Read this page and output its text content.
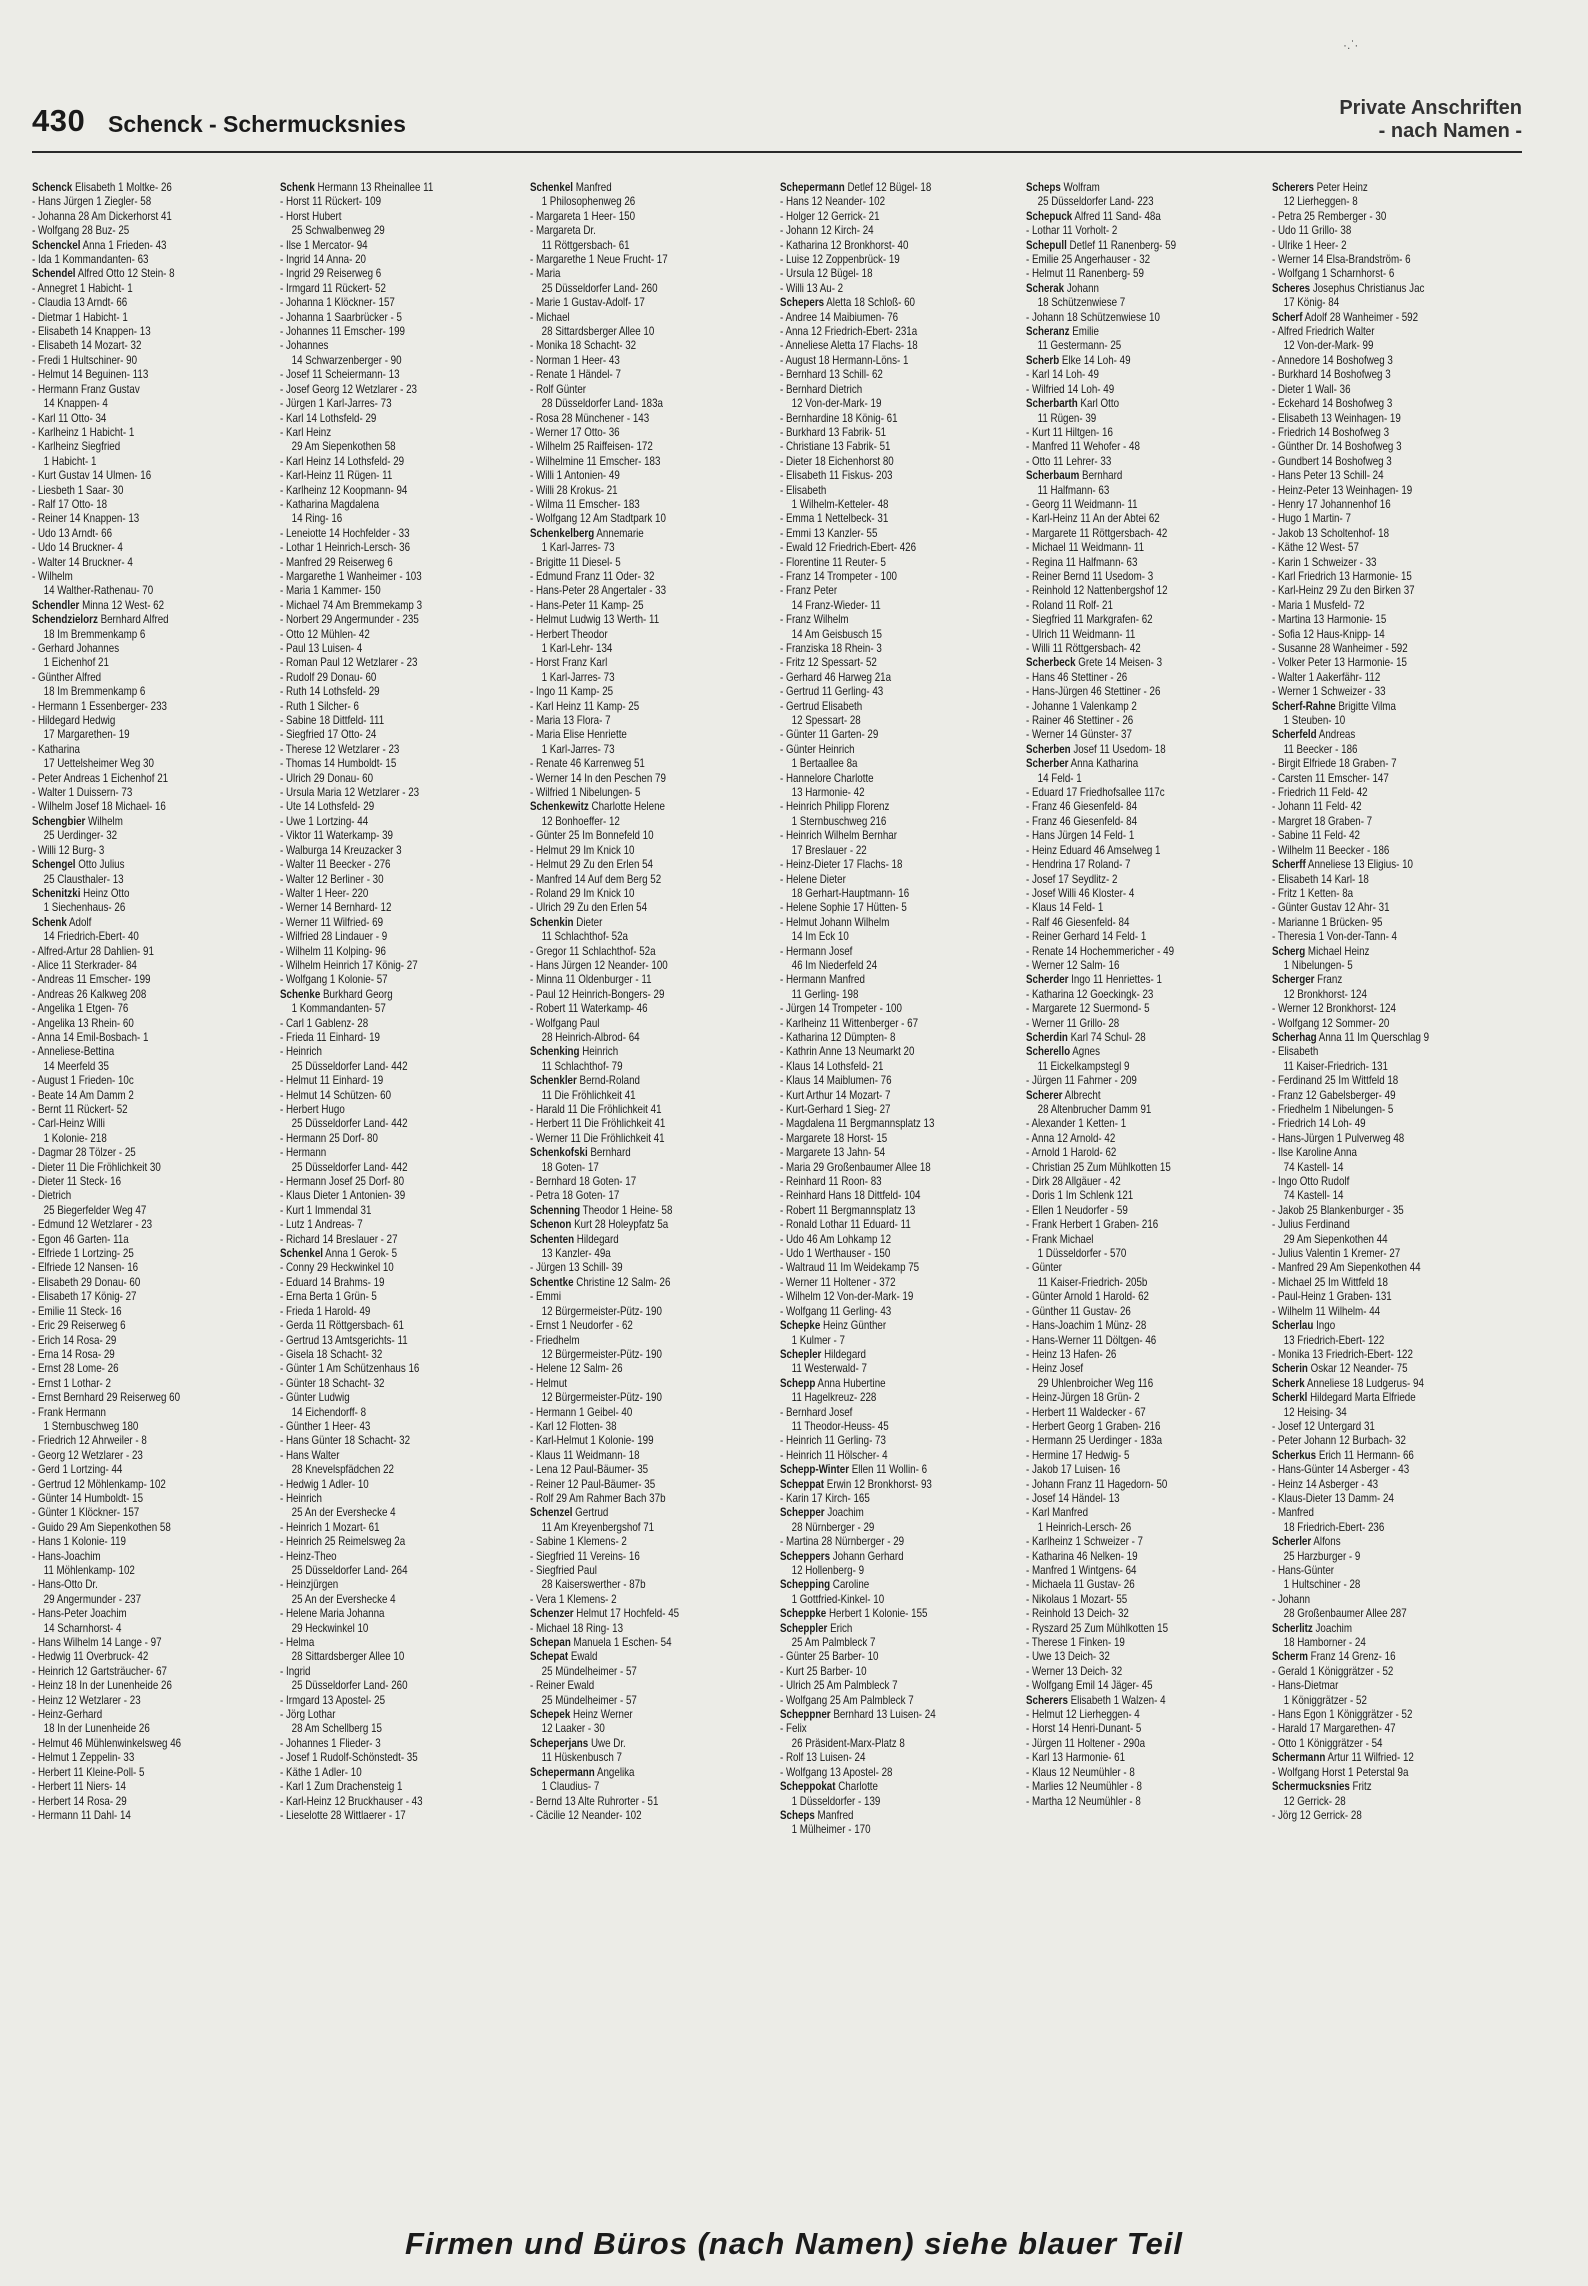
·.ˈ·
430 Schenck - Schermucksnies
Private Anschriften
- nach Namen -
Schenck Elisabeth 1 Moltke- 26
- Hans Jürgen 1 Ziegler- 58
- Johanna 28 Am Dickerhorst 41
- Wolfgang 28 Buz- 25
Schenckel Anna 1 Frieden- 43
- Ida 1 Kommandanten- 63
Schendel Alfred Otto 12 Stein- 8
- Annegret 1 Habicht- 1
- Claudia 13 Arndt- 66
- Dietmar 1 Habicht- 1
- Elisabeth 14 Knappen- 13
- Elisabeth 14 Mozart- 32
- Fredi 1 Hultschiner- 90
- Helmut 14 Beguinen- 113
- Hermann Franz Gustav
14 Knappen- 4
- Karl 11 Otto- 34
- Karlheinz 1 Habicht- 1
- Karlheinz Siegfried
1 Habicht- 1
- Kurt Gustav 14 Ulmen- 16
- Liesbeth 1 Saar- 30
- Ralf 17 Otto- 18
- Reiner 14 Knappen- 13
- Udo 13 Arndt- 66
- Udo 14 Bruckner- 4
- Walter 14 Bruckner- 4
- Wilhelm
14 Walther-Rathenau- 70
Schendler Minna 12 West- 62
Schendzielorz Bernhard Alfred
18 Im Bremmenkamp 6
- Gerhard Johannes
1 Eichenhof 21
- Günther Alfred
18 Im Bremmenkamp 6
- Hermann 1 Essenberger- 233
- Hildegard Hedwig
17 Margarethen- 19
- Katharina
17 Uettelsheimer Weg 30
- Peter Andreas 1 Eichenhof 21
- Walter 1 Duissern- 73
- Wilhelm Josef 18 Michael- 16
Schengbier Wilhelm
25 Uerdinger- 32
- Willi 12 Burg- 3
Schengel Otto Julius
25 Clausthaler- 13
Schenitzki Heinz Otto
1 Siechenhaus- 26
Schenk Adolf
14 Friedrich-Ebert- 40
- Alfred-Artur 28 Dahlien- 91
- Alice 11 Sterkrader- 84
- Andreas 11 Emscher- 199
- Andreas 26 Kalkweg 208
- Angelika 1 Etgen- 76
- Angelika 13 Rhein- 60
- Anna 14 Emil-Bosbach- 1
- Anneliese-Bettina
14 Meerfeld 35
- August 1 Frieden- 10c
- Beate 14 Am Damm 2
- Bernt 11 Rückert- 52
- Carl-Heinz Willi
1 Kolonie- 218
- Dagmar 28 Tölzer - 25
- Dieter 11 Die Fröhlichkeit 30
- Dieter 11 Steck- 16
- Dietrich
25 Biegerfelder Weg 47
- Edmund 12 Wetzlarer - 23
- Egon 46 Garten- 11a
- Elfriede 1 Lortzing- 25
- Elfriede 12 Nansen- 16
- Elisabeth 29 Donau- 60
- Elisabeth 17 König- 27
- Emilie 11 Steck- 16
- Eric 29 Reiserweg 6
- Erich 14 Rosa- 29
- Erna 14 Rosa- 29
- Ernst 28 Lome- 26
- Ernst 1 Lothar- 2
- Ernst Bernhard 29 Reiserweg 60
- Frank Hermann
1 Sternbuschweg 180
- Friedrich 12 Ahrweiler - 8
- Georg 12 Wetzlarer - 23
- Gerd 1 Lortzing- 44
- Gertrud 12 Möhlenkamp- 102
- Günter 14 Humboldt- 15
- Günter 1 Klöckner- 157
- Guido 29 Am Siepenkothen 58
- Hans 1 Kolonie- 119
- Hans-Joachim
11 Möhlenkamp- 102
- Hans-Otto Dr.
29 Angermunder - 237
- Hans-Peter Joachim
14 Scharnhorst- 4
- Hans Wilhelm 14 Lange - 97
- Hedwig 11 Overbruck- 42
- Heinrich 12 Gartsträucher- 67
- Heinz 18 In der Lunenheide 26
- Heinz 12 Wetzlarer - 23
- Heinz-Gerhard
18 In der Lunenheide 26
- Helmut 46 Mühlenwinkelsweg 46
- Helmut 1 Zeppelin- 33
- Herbert 11 Kleine-Poll- 5
- Herbert 11 Niers- 14
- Herbert 14 Rosa- 29
- Hermann 11 Dahl- 14
Schenk Hermann 13 Rheinallee 11
- Horst 11 Rückert- 109
- Horst Hubert
25 Schwalbenweg 29
- Ilse 1 Mercator- 94
- Ingrid 14 Anna- 20
- Ingrid 29 Reiserweg 6
- Irmgard 11 Rückert- 52
- Johanna 1 Klöckner- 157
- Johanna 1 Saarbrücker - 5
- Johannes 11 Emscher- 199
- Johannes
14 Schwarzenberger - 90
- Josef 11 Scheiermann- 13
- Josef Georg 12 Wetzlarer - 23
- Jürgen 1 Karl-Jarres- 73
- Karl 14 Lothsfeld- 29
- Karl Heinz
29 Am Siepenkothen 58
- Karl Heinz 14 Lothsfeld- 29
- Karl-Heinz 11 Rügen- 11
- Karlheinz 12 Koopmann- 94
- Katharina Magdalena
14 Ring- 16
- Leneiotte 14 Hochfelder - 33
- Lothar 1 Heinrich-Lersch- 36
- Manfred 29 Reiserweg 6
- Margarethe 1 Wanheimer - 103
- Maria 1 Kammer- 150
- Michael 74 Am Bremmekamp 3
- Norbert 29 Angermunder - 235
- Otto 12 Mühlen- 42
- Paul 13 Luisen- 4
- Roman Paul 12 Wetzlarer - 23
- Rudolf 29 Donau- 60
- Ruth 14 Lothsfeld- 29
- Ruth 1 Silcher- 6
- Sabine 18 Dittfeld- 111
- Siegfried 17 Otto- 24
- Therese 12 Wetzlarer - 23
- Thomas 14 Humboldt- 15
- Ulrich 29 Donau- 60
- Ursula Maria 12 Wetzlarer - 23
- Ute 14 Lothsfeld- 29
- Uwe 1 Lortzing- 44
- Viktor 11 Waterkamp- 39
- Walburga 14 Kreuzacker 3
- Walter 11 Beecker - 276
- Walter 12 Berliner - 30
- Walter 1 Heer- 220
- Werner 14 Bernhard- 12
- Werner 11 Wilfried- 69
- Wilfried 28 Lindauer - 9
- Wilhelm 11 Kolping- 96
- Wilhelm Heinrich 17 König- 27
- Wolfgang 1 Kolonie- 57
Schenke Burkhard Georg
1 Kommandanten- 57
- Carl 1 Gablenz- 28
- Frieda 11 Einhard- 19
- Heinrich
25 Düsseldorfer Land- 442
- Helmut 11 Einhard- 19
- Helmut 14 Schützen- 60
- Herbert Hugo
25 Düsseldorfer Land- 442
- Hermann 25 Dorf- 80
- Hermann
25 Düsseldorfer Land- 442
- Hermann Josef 25 Dorf- 80
- Klaus Dieter 1 Antonien- 39
- Kurt 1 Immendal 31
- Lutz 1 Andreas- 7
- Richard 14 Breslauer - 27
Schenkel Anna 1 Gerok- 5
- Conny 29 Heckwinkel 10
- Eduard 14 Brahms- 19
- Erna Berta 1 Grün- 5
- Frieda 1 Harold- 49
- Gerda 11 Röttgersbach- 61
- Gertrud 13 Amtsgerichts- 11
- Gisela 18 Schacht- 32
- Günter 1 Am Schützenhaus 16
- Günter 18 Schacht- 32
- Günter Ludwig
14 Eichendorff- 8
- Günther 1 Heer- 43
- Hans Günter 18 Schacht- 32
- Hans Walter
28 Knevelspfädchen 22
- Hedwig 1 Adler- 10
- Heinrich
25 An der Evershecke 4
- Heinrich 1 Mozart- 61
- Heinrich 25 Reimelsweg 2a
- Heinz-Theo
25 Düsseldorfer Land- 264
- Heinzjürgen
25 An der Evershecke 4
- Helene Maria Johanna
29 Heckwinkel 10
- Helma
28 Sittardsberger Allee 10
- Ingrid
25 Düsseldorfer Land- 260
- Irmgard 13 Apostel- 25
- Jörg Lothar
28 Am Schellberg 15
- Johannes 1 Flieder- 3
- Josef 1 Rudolf-Schönstedt- 35
- Käthe 1 Adler- 10
- Karl 1 Zum Drachensteig 1
- Karl-Heinz 12 Bruckhauser - 43
- Lieselotte 28 Wittlaerer - 17
Schenkel Manfred
1 Philosophenweg 26
- Margareta 1 Heer- 150
- Margareta Dr.
11 Röttgersbach- 61
- Margarethe 1 Neue Frucht- 17
- Maria
25 Düsseldorfer Land- 260
- Marie 1 Gustav-Adolf- 17
- Michael
28 Sittardsberger Allee 10
- Monika 18 Schacht- 32
- Norman 1 Heer- 43
- Renate 1 Händel- 7
- Rolf Günter
28 Düsseldorfer Land- 183a
- Rosa 28 Münchener - 143
- Werner 17 Otto- 36
- Wilhelm 25 Raiffeisen- 172
- Wilhelmine 11 Emscher- 183
- Willi 1 Antonien- 49
- Willi 28 Krokus- 21
- Wilma 11 Emscher- 183
- Wolfgang 12 Am Stadtpark 10
Schenkelberg Annemarie
1 Karl-Jarres- 73
- Brigitte 11 Diesel- 5
- Edmund Franz 11 Oder- 32
- Hans-Peter 28 Angertaler - 33
- Hans-Peter 11 Kamp- 25
- Helmut Ludwig 13 Werth- 11
- Herbert Theodor
1 Karl-Lehr- 134
- Horst Franz Karl
1 Karl-Jarres- 73
- Ingo 11 Kamp- 25
- Karl Heinz 11 Kamp- 25
- Maria 13 Flora- 7
- Maria Elise Henriette
1 Karl-Jarres- 73
- Renate 46 Karrenweg 51
- Werner 14 In den Peschen 79
- Wilfried 1 Nibelungen- 5
Schenkewitz Charlotte Helene
12 Bonhoeffer- 12
- Günter 25 Im Bonnefeld 10
- Helmut 29 Im Knick 10
- Helmut 29 Zu den Erlen 54
- Manfred 14 Auf dem Berg 52
- Roland 29 Im Knick 10
- Ulrich 29 Zu den Erlen 54
Schenkin Dieter
11 Schlachthof- 52a
- Gregor 11 Schlachthof- 52a
- Hans Jürgen 12 Neander- 100
- Minna 11 Oldenburger - 11
- Paul 12 Heinrich-Bongers- 29
- Robert 11 Waterkamp- 46
- Wolfgang Paul
28 Heinrich-Albrod- 64
Schenking Heinrich
11 Schlachthof- 79
Schenkler Bernd-Roland
11 Die Fröhlichkeit 41
- Harald 11 Die Fröhlichkeit 41
- Herbert 11 Die Fröhlichkeit 41
- Werner 11 Die Fröhlichkeit 41
Schenkofski Bernhard
18 Goten- 17
- Bernhard 18 Goten- 17
- Petra 18 Goten- 17
Schenning Theodor 1 Heine- 58
Schenon Kurt 28 Holeypfatz 5a
Schenten Hildegard
13 Kanzler- 49a
- Jürgen 13 Schill- 39
Schentke Christine 12 Salm- 26
- Emmi
12 Bürgermeister-Pütz- 190
- Ernst 1 Neudorfer - 62
- Friedhelm
12 Bürgermeister-Pütz- 190
- Helene 12 Salm- 26
- Helmut
12 Bürgermeister-Pütz- 190
- Hermann 1 Geibel- 40
- Karl 12 Flotten- 38
- Karl-Helmut 1 Kolonie- 199
- Klaus 11 Weidmann- 18
- Lena 12 Paul-Bäumer- 35
- Reiner 12 Paul-Bäumer- 35
- Rolf 29 Am Rahmer Bach 37b
Schenzel Gertrud
11 Am Kreyenbergshof 71
- Sabine 1 Klemens- 2
- Siegfried 11 Vereins- 16
- Siegfried Paul
28 Kaiserswerther - 87b
- Vera 1 Klemens- 2
Schenzer Helmut 17 Hochfeld- 45
- Michael 18 Ring- 13
Schepan Manuela 1 Eschen- 54
Schepat Ewald
25 Mündelheimer - 57
- Reiner Ewald
25 Mündelheimer - 57
Schepek Heinz Werner
12 Laaker - 30
Scheperjans Uwe Dr.
11 Hüskenbusch 7
Schepermann Angelika
1 Claudius- 7
- Bernd 13 Alte Ruhrorter - 51
- Cäcilie 12 Neander- 102
Schepermann Detlef 12 Bügel- 18
- Hans 12 Neander- 102
- Holger 12 Gerrick- 21
- Johann 12 Kirch- 24
- Katharina 12 Bronkhorst- 40
- Luise 12 Zoppenbrück- 19
- Ursula 12 Bügel- 18
- Willi 13 Au- 2
Schepers Aletta 18 Schloß- 60
- Andree 14 Maibiumen- 76
- Anna 12 Friedrich-Ebert- 231a
- Anneliese Aletta 17 Flachs- 18
- August 18 Hermann-Löns- 1
- Bernhard 13 Schill- 62
- Bernhard Dietrich
12 Von-der-Mark- 19
- Bernhardine 18 König- 61
- Burkhard 13 Fabrik- 51
- Christiane 13 Fabrik- 51
- Dieter 18 Eichenhorst 80
- Elisabeth 11 Fiskus- 203
- Elisabeth
1 Wilhelm-Ketteler- 48
- Emma 1 Nettelbeck- 31
- Emmi 13 Kanzler- 55
- Ewald 12 Friedrich-Ebert- 426
- Florentine 11 Reuter- 5
- Franz 14 Trompeter - 100
- Franz Peter
14 Franz-Wieder- 11
- Franz Wilhelm
14 Am Geisbusch 15
- Franziska 18 Rhein- 3
- Fritz 12 Spessart- 52
- Gerhard 46 Harweg 21a
- Gertrud 11 Gerling- 43
- Gertrud Elisabeth
12 Spessart- 28
- Günter 11 Garten- 29
- Günter Heinrich
1 Bertaallee 8a
- Hannelore Charlotte
13 Harmonie- 42
- Heinrich Philipp Florenz
1 Sternbuschweg 216
- Heinrich Wilhelm Bernhar
17 Breslauer - 22
- Heinz-Dieter 17 Flachs- 18
- Helene Dieter
18 Gerhart-Hauptmann- 16
- Helene Sophie 17 Hütten- 5
- Helmut Johann Wilhelm
14 Im Eck 10
- Hermann Josef
46 Im Niederfeld 24
- Hermann Manfred
11 Gerling- 198
- Jürgen 14 Trompeter - 100
- Karlheinz 11 Wittenberger - 67
- Katharina 12 Dümpten- 8
- Kathrin Anne 13 Neumarkt 20
- Klaus 14 Lothsfeld- 21
- Klaus 14 Maiblumen- 76
- Kurt Arthur 14 Mozart- 7
- Kurt-Gerhard 1 Sieg- 27
- Magdalena 11 Bergmannsplatz 13
- Margarete 18 Horst- 15
- Margarete 13 Jahn- 54
- Maria 29 Großenbaumer Allee 18
- Reinhard 11 Roon- 83
- Reinhard Hans 18 Dittfeld- 104
- Robert 11 Bergmannsplatz 13
- Ronald Lothar 11 Eduard- 11
- Udo 46 Am Lohkamp 12
- Udo 1 Werthauser - 150
- Waltraud 11 Im Weidekamp 75
- Werner 11 Holtener - 372
- Wilhelm 12 Von-der-Mark- 19
- Wolfgang 11 Gerling- 43
Schepke Heinz Günther
1 Kulmer - 7
Schepler Hildegard
11 Westerwald- 7
Schepp Anna Hubertine
11 Hagelkreuz- 228
- Bernhard Josef
11 Theodor-Heuss- 45
- Heinrich 11 Gerling- 73
- Heinrich 11 Hölscher- 4
Schepp-Winter Ellen 11 Wollin- 6
Scheppat Erwin 12 Bronkhorst- 93
- Karin 17 Kirch- 165
Schepper Joachim
28 Nürnberger - 29
- Martina 28 Nürnberger - 29
Scheppers Johann Gerhard
12 Hollenberg- 9
Schepping Caroline
1 Gottfried-Kinkel- 10
Scheppke Herbert 1 Kolonie- 155
Scheppler Erich
25 Am Palmbleck 7
- Günter 25 Barber- 10
- Kurt 25 Barber- 10
- Ulrich 25 Am Palmbleck 7
- Wolfgang 25 Am Palmbleck 7
Scheppner Bernhard 13 Luisen- 24
- Felix
26 Präsident-Marx-Platz 8
- Rolf 13 Luisen- 24
- Wolfgang 13 Apostel- 28
Scheppokat Charlotte
1 Düsseldorfer - 139
Scheps Manfred
1 Mülheimer - 170
Scheps Wolfram
25 Düsseldorfer Land- 223
Schepuck Alfred 11 Sand- 48a
- Lothar 11 Vorholt- 2
Schepull Detlef 11 Ranenberg- 59
- Emilie 25 Angerhauser - 32
- Helmut 11 Ranenberg- 59
Scherak Johann
18 Schützenwiese 7
- Johann 18 Schützenwiese 10
Scheranz Emilie
11 Gestermann- 25
Scherb Elke 14 Loh- 49
- Karl 14 Loh- 49
- Wilfried 14 Loh- 49
Scherbarth Karl Otto
11 Rügen- 39
- Kurt 11 Hiltgen- 16
- Manfred 11 Wehofer - 48
- Otto 11 Lehrer- 33
Scherbaum Bernhard
11 Halfmann- 63
- Georg 11 Weidmann- 11
- Karl-Heinz 11 An der Abtei 62
- Margarete 11 Röttgersbach- 42
- Michael 11 Weidmann- 11
- Regina 11 Halfmann- 63
- Reiner Bernd 11 Usedom- 3
- Reinhold 12 Nattenbergshof 12
- Roland 11 Rolf- 21
- Siegfried 11 Markgrafen- 62
- Ulrich 11 Weidmann- 11
- Willi 11 Röttgersbach- 42
Scherbeck Grete 14 Meisen- 3
- Hans 46 Stettiner - 26
- Hans-Jürgen 46 Stettiner - 26
- Johanne 1 Valenkamp 2
- Rainer 46 Stettiner - 26
- Werner 14 Günster- 37
Scherben Josef 11 Usedom- 18
Scherber Anna Katharina
14 Feld- 1
- Eduard 17 Friedhofsallee 117c
- Franz 46 Giesenfeld- 84
- Franz 46 Giesenfeld- 84
- Hans Jürgen 14 Feld- 1
- Heinz Eduard 46 Amselweg 1
- Hendrina 17 Roland- 7
- Josef 17 Seydlitz- 2
- Josef Willi 46 Kloster- 4
- Klaus 14 Feld- 1
- Ralf 46 Giesenfeld- 84
- Reiner Gerhard 14 Feld- 1
- Renate 14 Hochemmericher - 49
- Werner 12 Salm- 16
Scherder Ingo 11 Henriettes- 1
- Katharina 12 Goeckingk- 23
- Margarete 12 Suermond- 5
- Werner 11 Grillo- 28
Scherdin Karl 74 Schul- 28
Scherello Agnes
11 Eickelkampstegl 9
- Jürgen 11 Fahrner - 209
Scherer Albrecht
28 Altenbrucher Damm 91
- Alexander 1 Ketten- 1
- Anna 12 Arnold- 42
- Arnold 1 Harold- 62
- Christian 25 Zum Mühlkotten 15
- Dirk 28 Allgäuer - 42
- Doris 1 Im Schlenk 121
- Ellen 1 Neudorfer - 59
- Frank Herbert 1 Graben- 216
- Frank Michael
1 Düsseldorfer - 570
- Günter
11 Kaiser-Friedrich- 205b
- Günter Arnold 1 Harold- 62
- Günther 11 Gustav- 26
- Hans-Joachim 1 Münz- 28
- Hans-Werner 11 Döltgen- 46
- Heinz 13 Hafen- 26
- Heinz Josef
29 Uhlenbroicher Weg 116
- Heinz-Jürgen 18 Grün- 2
- Herbert 11 Waldecker - 67
- Herbert Georg 1 Graben- 216
- Hermann 25 Uerdinger - 183a
- Hermine 17 Hedwig- 5
- Jakob 17 Luisen- 16
- Johann Franz 11 Hagedorn- 50
- Josef 14 Händel- 13
- Karl Manfred
1 Heinrich-Lersch- 26
- Karlheinz 1 Schweizer - 7
- Katharina 46 Nelken- 19
- Manfred 1 Wintgens- 64
- Michaela 11 Gustav- 26
- Nikolaus 1 Mozart- 55
- Reinhold 13 Deich- 32
- Ryszard 25 Zum Mühlkotten 15
- Therese 1 Finken- 19
- Uwe 13 Deich- 32
- Werner 13 Deich- 32
- Wolfgang Emil 14 Jäger- 45
Scherers Elisabeth 1 Walzen- 4
- Helmut 12 Lierheggen- 4
- Horst 14 Henri-Dunant- 5
- Jürgen 11 Holtener - 290a
- Karl 13 Harmonie- 61
- Klaus 12 Neumühler - 8
- Marlies 12 Neumühler - 8
- Martha 12 Neumühler - 8
Scherers Peter Heinz
12 Lierheggen- 8
- Petra 25 Remberger - 30
- Udo 11 Grillo- 38
- Ulrike 1 Heer- 2
- Werner 14 Elsa-Brandström- 6
- Wolfgang 1 Scharnhorst- 6
Scheres Josephus Christianus Jac
17 König- 84
Scherf Adolf 28 Wanheimer - 592
- Alfred Friedrich Walter
12 Von-der-Mark- 99
- Annedore 14 Boshofweg 3
- Burkhard 14 Boshofweg 3
- Dieter 1 Wall- 36
- Eckehard 14 Boshofweg 3
- Elisabeth 13 Weinhagen- 19
- Friedrich 14 Boshofweg 3
- Günther Dr. 14 Boshofweg 3
- Gundbert 14 Boshofweg 3
- Hans Peter 13 Schill- 24
- Heinz-Peter 13 Weinhagen- 19
- Henry 17 Johannenhof 16
- Hugo 1 Martin- 7
- Jakob 13 Scholtenhof- 18
- Käthe 12 West- 57
- Karin 1 Schweizer - 33
- Karl Friedrich 13 Harmonie- 15
- Karl-Heinz 29 Zu den Birken 37
- Maria 1 Musfeld- 72
- Martina 13 Harmonie- 15
- Sofia 12 Haus-Knipp- 14
- Susanne 28 Wanheimer - 592
- Volker Peter 13 Harmonie- 15
- Walter 1 Aakerfähr- 112
- Werner 1 Schweizer - 33
Scherf-Rahne Brigitte Vilma
1 Steuben- 10
Scherfeld Andreas
11 Beecker - 186
- Birgit Elfriede 18 Graben- 7
- Carsten 11 Emscher- 147
- Friedrich 11 Feld- 42
- Johann 11 Feld- 42
- Margret 18 Graben- 7
- Sabine 11 Feld- 42
- Wilhelm 11 Beecker - 186
Scherff Anneliese 13 Eligius- 10
- Elisabeth 14 Karl- 18
- Fritz 1 Ketten- 8a
- Günter Gustav 12 Ahr- 31
- Marianne 1 Brücken- 95
- Theresia 1 Von-der-Tann- 4
Scherg Michael Heinz
1 Nibelungen- 5
Scherger Franz
12 Bronkhorst- 124
- Werner 12 Bronkhorst- 124
- Wolfgang 12 Sommer- 20
Scherhag Anna 11 Im Querschlag 9
- Elisabeth
11 Kaiser-Friedrich- 131
- Ferdinand 25 Im Wittfeld 18
- Franz 12 Gabelsberger- 49
- Friedhelm 1 Nibelungen- 5
- Friedrich 14 Loh- 49
- Hans-Jürgen 1 Pulverweg 48
- Ilse Karoline Anna
74 Kastell- 14
- Ingo Otto Rudolf
74 Kastell- 14
- Jakob 25 Blankenburger - 35
- Julius Ferdinand
29 Am Siepenkothen 44
- Julius Valentin 1 Kremer- 27
- Manfred 29 Am Siepenkothen 44
- Michael 25 Im Wittfeld 18
- Paul-Heinz 1 Graben- 131
- Wilhelm 11 Wilhelm- 44
Scherlau Ingo
13 Friedrich-Ebert- 122
- Monika 13 Friedrich-Ebert- 122
Scherin Oskar 12 Neander- 75
Scherk Anneliese 18 Ludgerus- 94
Scherkl Hildegard Marta Elfriede
12 Heising- 34
- Josef 12 Untergard 31
- Peter Johann 12 Burbach- 32
Scherkus Erich 11 Hermann- 66
- Hans-Günter 14 Asberger - 43
- Heinz 14 Asberger - 43
- Klaus-Dieter 13 Damm- 24
- Manfred
18 Friedrich-Ebert- 236
Scherler Alfons
25 Harzburger - 9
- Hans-Günter
1 Hultschiner - 28
- Johann
28 Großenbaumer Allee 287
Scherlitz Joachim
18 Hamborner - 24
Scherm Franz 14 Grenz- 16
- Gerald 1 Königgrätzer - 52
- Hans-Dietmar
1 Königgrätzer - 52
- Hans Egon 1 Königgrätzer - 52
- Harald 17 Margarethen- 47
- Otto 1 Königgrätzer - 54
Schermann Artur 11 Wilfried- 12
- Wolfgang Horst 1 Peterstal 9a
Schermucksnies Fritz
12 Gerrick- 28
- Jörg 12 Gerrick- 28
Firmen und Büros (nach Namen) siehe blauer Teil
